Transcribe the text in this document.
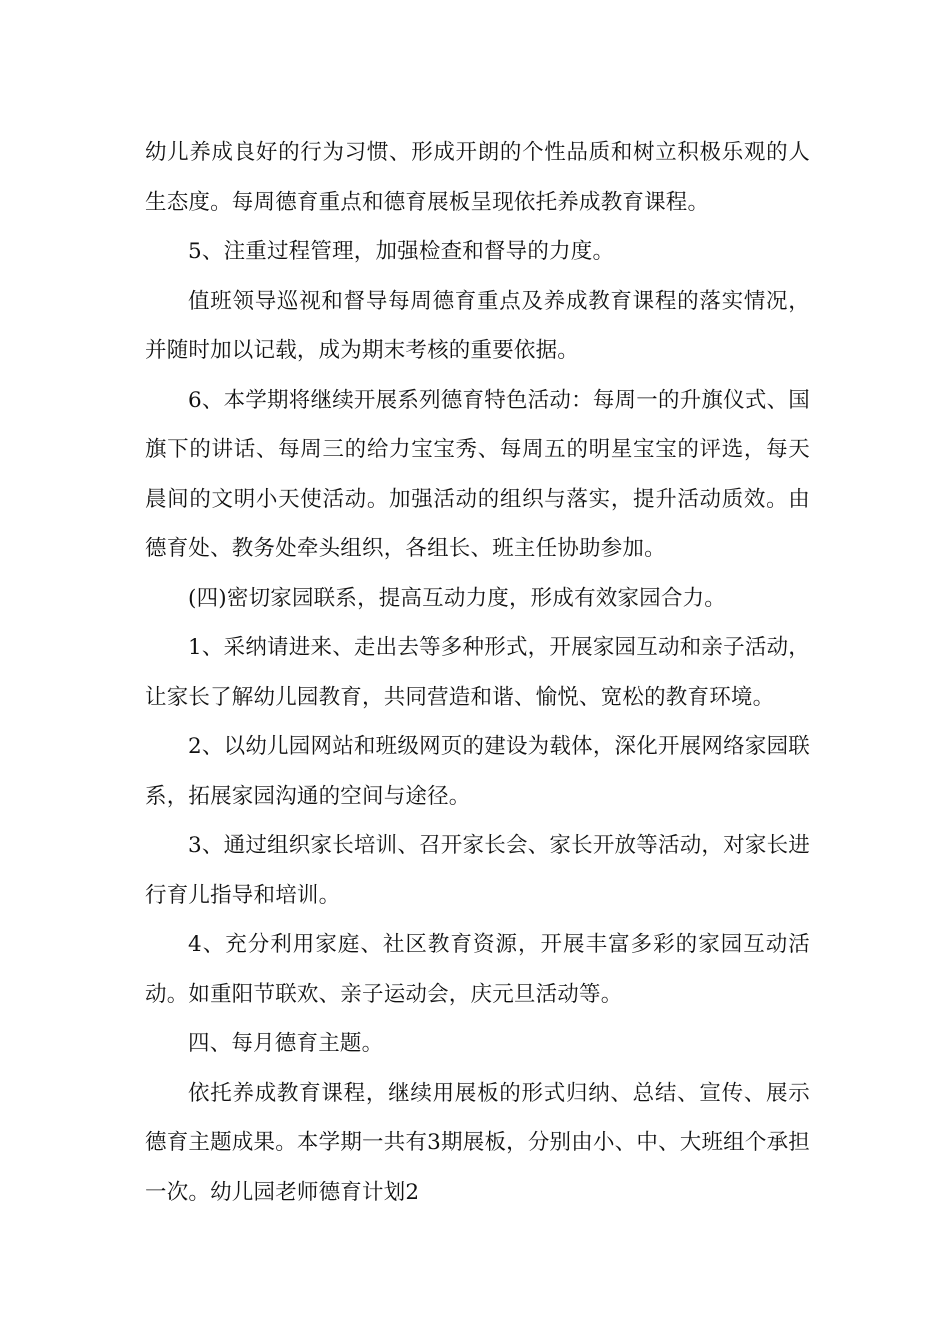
幼儿养成良好的行为习惯、形成开朗的个性品质和树立积极乐观的人生态度。每周德育重点和德育展板呈现依托养成教育课程。

5、注重过程管理，加强检查和督导的力度。

值班领导巡视和督导每周德育重点及养成教育课程的落实情况，并随时加以记载，成为期末考核的重要依据。

6、本学期将继续开展系列德育特色活动：每周一的升旗仪式、国旗下的讲话、每周三的给力宝宝秀、每周五的明星宝宝的评选，每天晨间的文明小天使活动。加强活动的组织与落实，提升活动质效。由德育处、教务处牵头组织，各组长、班主任协助参加。

(四)密切家园联系，提高互动力度，形成有效家园合力。

1、采纳请进来、走出去等多种形式，开展家园互动和亲子活动，让家长了解幼儿园教育，共同营造和谐、愉悦、宽松的教育环境。

2、以幼儿园网站和班级网页的建设为载体，深化开展网络家园联系，拓展家园沟通的空间与途径。

3、通过组织家长培训、召开家长会、家长开放等活动，对家长进行育儿指导和培训。

4、充分利用家庭、社区教育资源，开展丰富多彩的家园互动活动。如重阳节联欢、亲子运动会，庆元旦活动等。

四、每月德育主题。

依托养成教育课程，继续用展板的形式归纳、总结、宣传、展示德育主题成果。本学期一共有3期展板，分别由小、中、大班组个承担一次。幼儿园老师德育计划2
